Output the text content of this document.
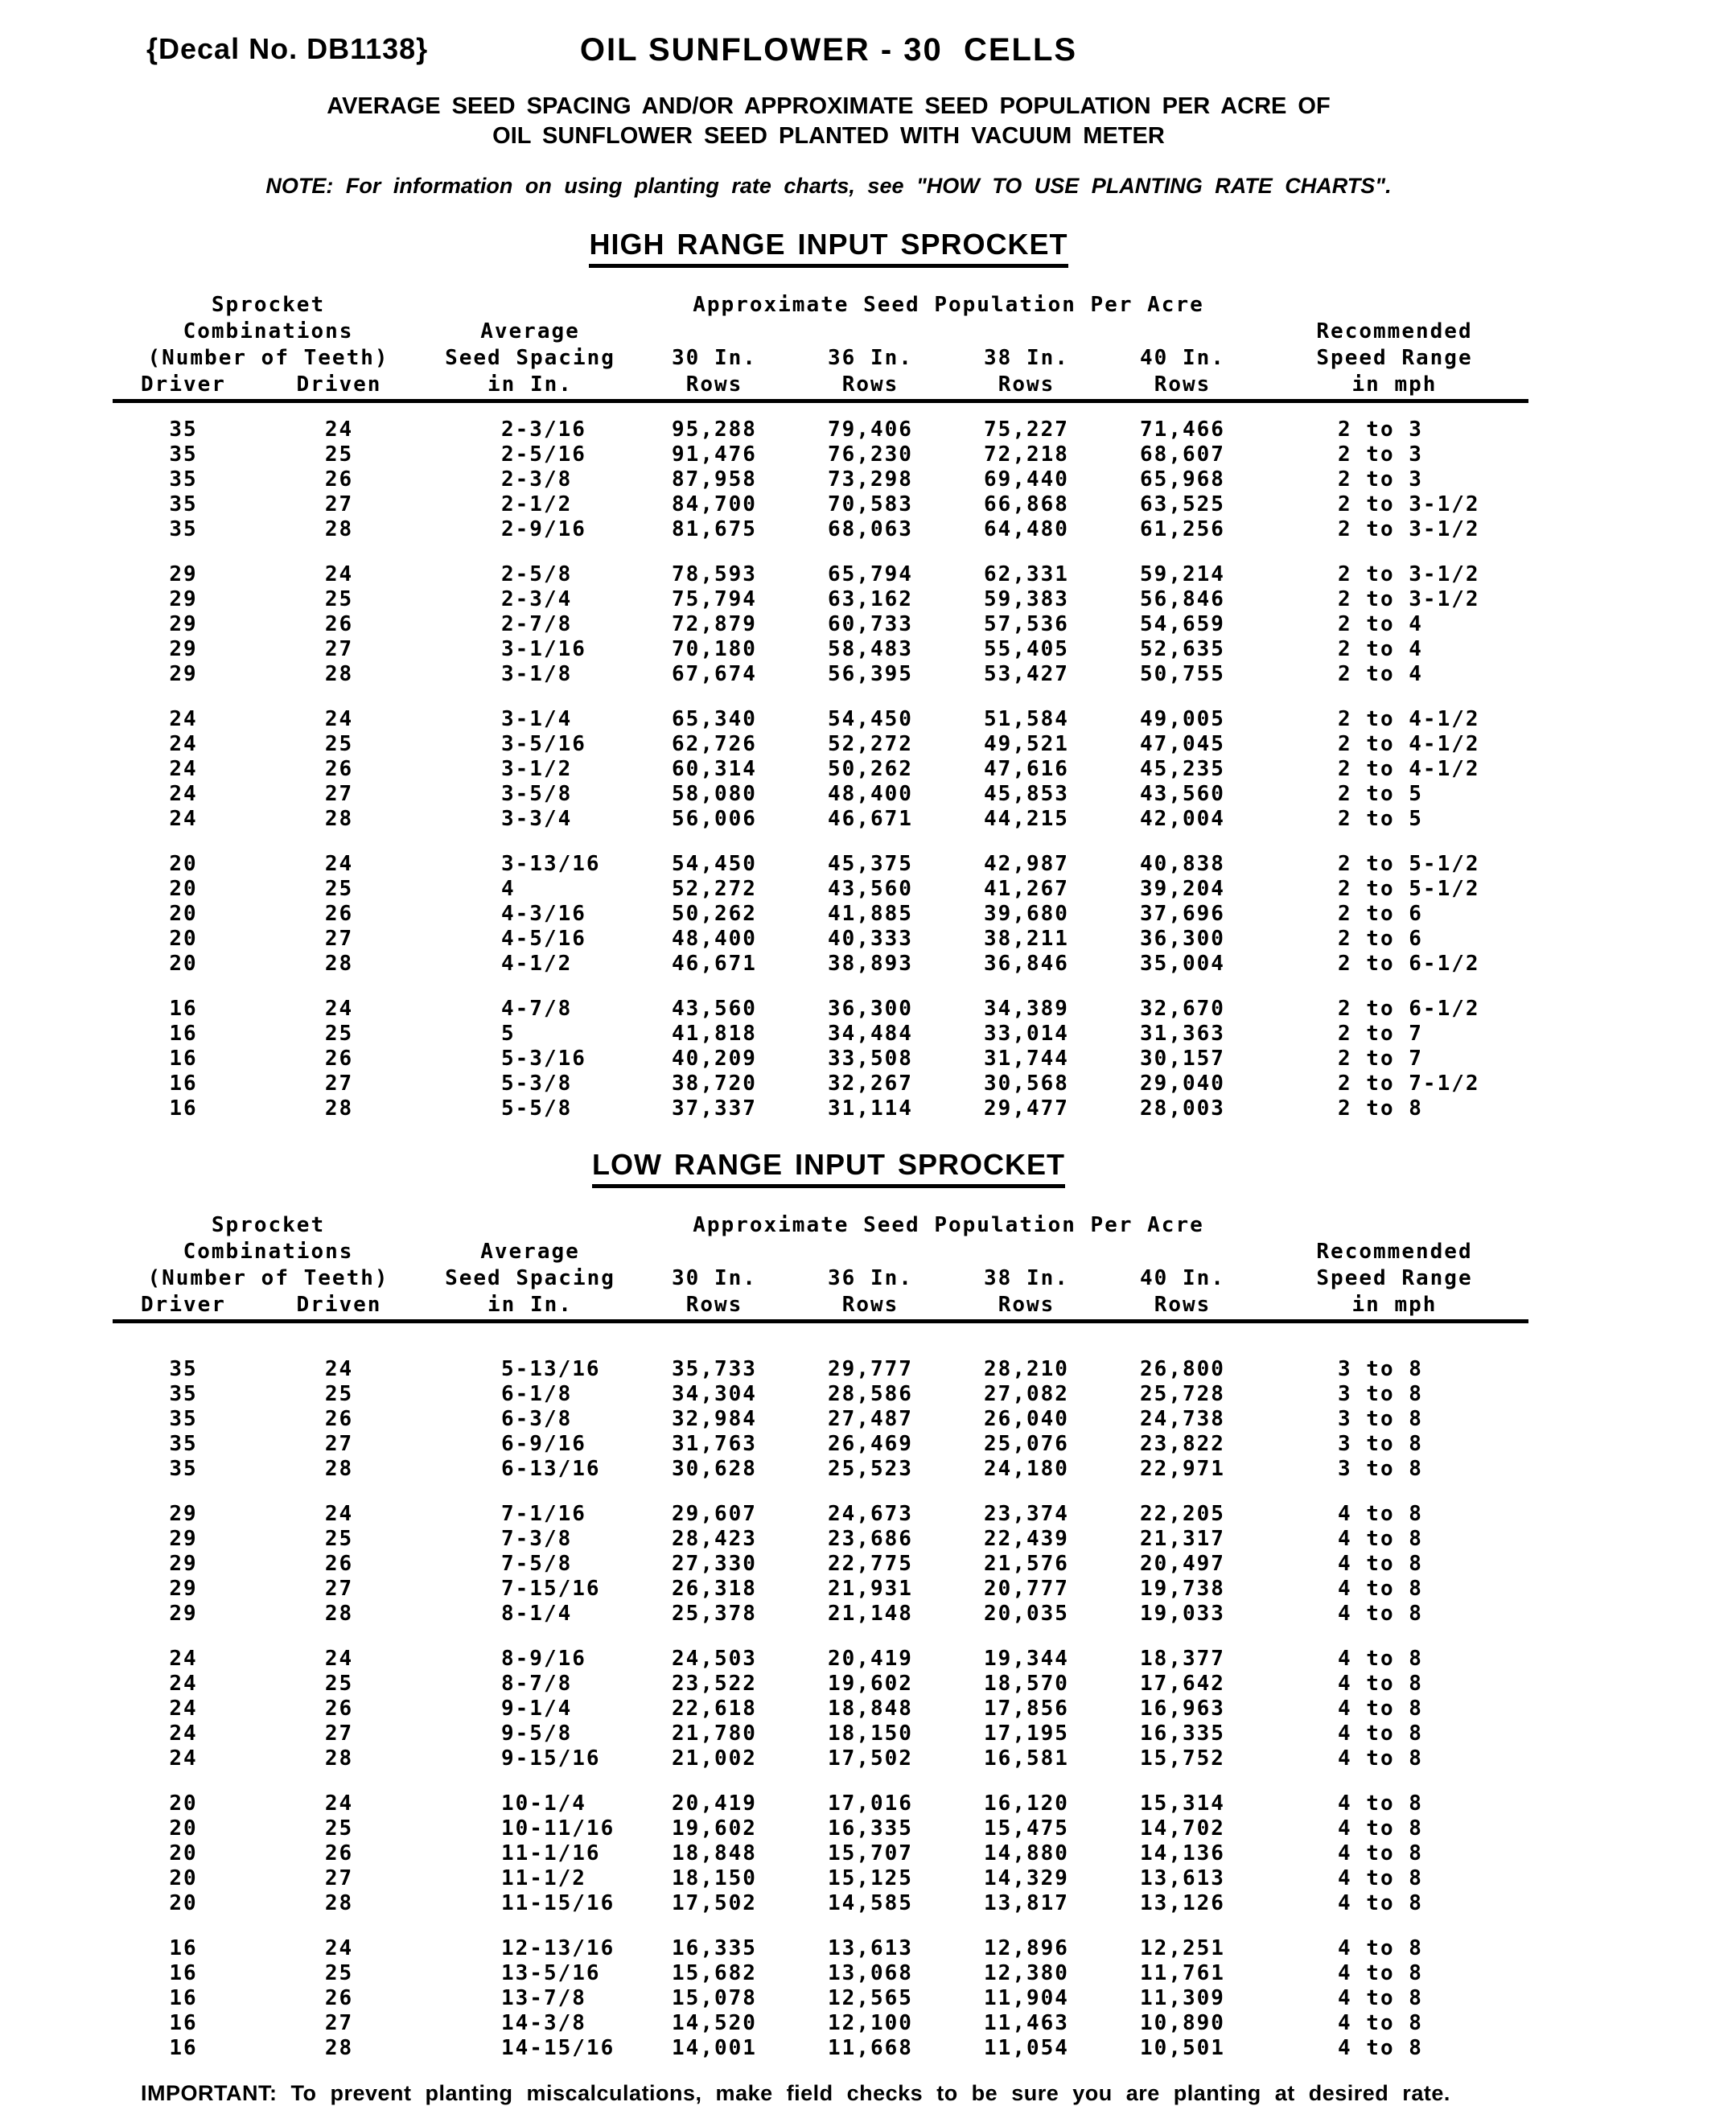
{Decal No. DB1138}	OIL SUNFLOWER - 30  CELLS
AVERAGE SEED SPACING AND/OR APPROXIMATE SEED POPULATION PER ACRE OF
OIL SUNFLOWER SEED PLANTED WITH VACUUM METER
NOTE: For information on using planting rate charts, see "HOW TO USE PLANTING RATE CHARTS".
HIGH RANGE INPUT SPROCKET
Sprocket	Approximate Seed Population Per Acre
Combinations	Average	Recommended
(Number of Teeth)	Seed Spacing	30 In.	36 In.	38 In.	40 In.	Speed Range
Driver	Driven	in In.	Rows	Rows	Rows	Rows	in mph
35	24	2-3/16	95,288	79,406	75,227	71,466	2 to 3
35	25	2-5/16	91,476	76,230	72,218	68,607	2 to 3
35	26	2-3/8	87,958	73,298	69,440	65,968	2 to 3
35	27	2-1/2	84,700	70,583	66,868	63,525	2 to 3-1/2
35	28	2-9/16	81,675	68,063	64,480	61,256	2 to 3-1/2
29	24	2-5/8	78,593	65,794	62,331	59,214	2 to 3-1/2
29	25	2-3/4	75,794	63,162	59,383	56,846	2 to 3-1/2
29	26	2-7/8	72,879	60,733	57,536	54,659	2 to 4
29	27	3-1/16	70,180	58,483	55,405	52,635	2 to 4
29	28	3-1/8	67,674	56,395	53,427	50,755	2 to 4
24	24	3-1/4	65,340	54,450	51,584	49,005	2 to 4-1/2
24	25	3-5/16	62,726	52,272	49,521	47,045	2 to 4-1/2
24	26	3-1/2	60,314	50,262	47,616	45,235	2 to 4-1/2
24	27	3-5/8	58,080	48,400	45,853	43,560	2 to 5
24	28	3-3/4	56,006	46,671	44,215	42,004	2 to 5
20	24	3-13/16	54,450	45,375	42,987	40,838	2 to 5-1/2
20	25	4	52,272	43,560	41,267	39,204	2 to 5-1/2
20	26	4-3/16	50,262	41,885	39,680	37,696	2 to 6
20	27	4-5/16	48,400	40,333	38,211	36,300	2 to 6
20	28	4-1/2	46,671	38,893	36,846	35,004	2 to 6-1/2
16	24	4-7/8	43,560	36,300	34,389	32,670	2 to 6-1/2
16	25	5	41,818	34,484	33,014	31,363	2 to 7
16	26	5-3/16	40,209	33,508	31,744	30,157	2 to 7
16	27	5-3/8	38,720	32,267	30,568	29,040	2 to 7-1/2
16	28	5-5/8	37,337	31,114	29,477	28,003	2 to 8
LOW RANGE INPUT SPROCKET
Sprocket	Approximate Seed Population Per Acre
Combinations	Average	Recommended
(Number of Teeth)	Seed Spacing	30 In.	36 In.	38 In.	40 In.	Speed Range
Driver	Driven	in In.	Rows	Rows	Rows	Rows	in mph
35	24	5-13/16	35,733	29,777	28,210	26,800	3 to 8
35	25	6-1/8	34,304	28,586	27,082	25,728	3 to 8
35	26	6-3/8	32,984	27,487	26,040	24,738	3 to 8
35	27	6-9/16	31,763	26,469	25,076	23,822	3 to 8
35	28	6-13/16	30,628	25,523	24,180	22,971	3 to 8
29	24	7-1/16	29,607	24,673	23,374	22,205	4 to 8
29	25	7-3/8	28,423	23,686	22,439	21,317	4 to 8
29	26	7-5/8	27,330	22,775	21,576	20,497	4 to 8
29	27	7-15/16	26,318	21,931	20,777	19,738	4 to 8
29	28	8-1/4	25,378	21,148	20,035	19,033	4 to 8
24	24	8-9/16	24,503	20,419	19,344	18,377	4 to 8
24	25	8-7/8	23,522	19,602	18,570	17,642	4 to 8
24	26	9-1/4	22,618	18,848	17,856	16,963	4 to 8
24	27	9-5/8	21,780	18,150	17,195	16,335	4 to 8
24	28	9-15/16	21,002	17,502	16,581	15,752	4 to 8
20	24	10-1/4	20,419	17,016	16,120	15,314	4 to 8
20	25	10-11/16	19,602	16,335	15,475	14,702	4 to 8
20	26	11-1/16	18,848	15,707	14,880	14,136	4 to 8
20	27	11-1/2	18,150	15,125	14,329	13,613	4 to 8
20	28	11-15/16	17,502	14,585	13,817	13,126	4 to 8
16	24	12-13/16	16,335	13,613	12,896	12,251	4 to 8
16	25	13-5/16	15,682	13,068	12,380	11,761	4 to 8
16	26	13-7/8	15,078	12,565	11,904	11,309	4 to 8
16	27	14-3/8	14,520	12,100	11,463	10,890	4 to 8
16	28	14-15/16	14,001	11,668	11,054	10,501	4 to 8
IMPORTANT: To prevent planting miscalculations, make field checks to be sure you are planting at desired rate.
